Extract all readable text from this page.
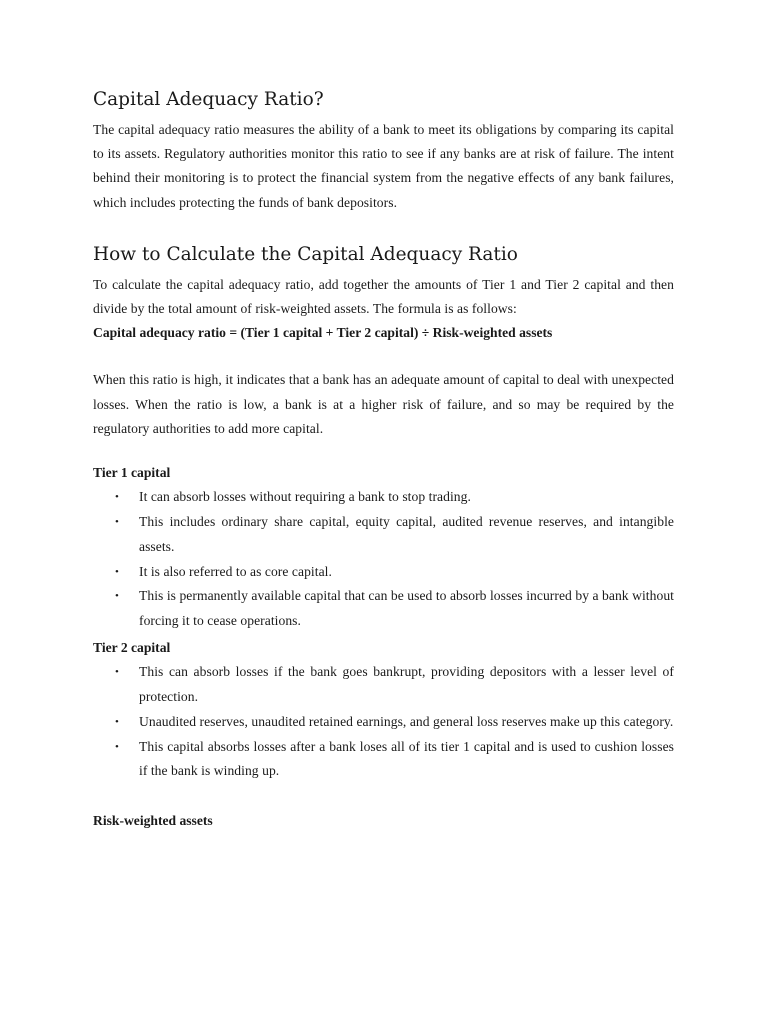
Capital Adequacy Ratio?

The capital adequacy ratio measures the ability of a bank to meet its obligations by comparing its capital to its assets. Regulatory authorities monitor this ratio to see if any banks are at risk of failure. The intent behind their monitoring is to protect the financial system from the negative effects of any bank failures, which includes protecting the funds of bank depositors.

How to Calculate the Capital Adequacy Ratio

To calculate the capital adequacy ratio, add together the amounts of Tier 1 and Tier 2 capital and then divide by the total amount of risk-weighted assets. The formula is as follows:

Capital adequacy ratio = (Tier 1 capital + Tier 2 capital) ÷ Risk-weighted assets

When this ratio is high, it indicates that a bank has an adequate amount of capital to deal with unexpected losses. When the ratio is low, a bank is at a higher risk of failure, and so may be required by the regulatory authorities to add more capital.

Tier 1 capital

• It can absorb losses without requiring a bank to stop trading.
• This includes ordinary share capital, equity capital, audited revenue reserves, and intangible assets.
• It is also referred to as core capital.
• This is permanently available capital that can be used to absorb losses incurred by a bank without forcing it to cease operations.

Tier 2 capital

• This can absorb losses if the bank goes bankrupt, providing depositors with a lesser level of protection.
• Unaudited reserves, unaudited retained earnings, and general loss reserves make up this category.
• This capital absorbs losses after a bank loses all of its tier 1 capital and is used to cushion losses if the bank is winding up.

Risk-weighted assets
